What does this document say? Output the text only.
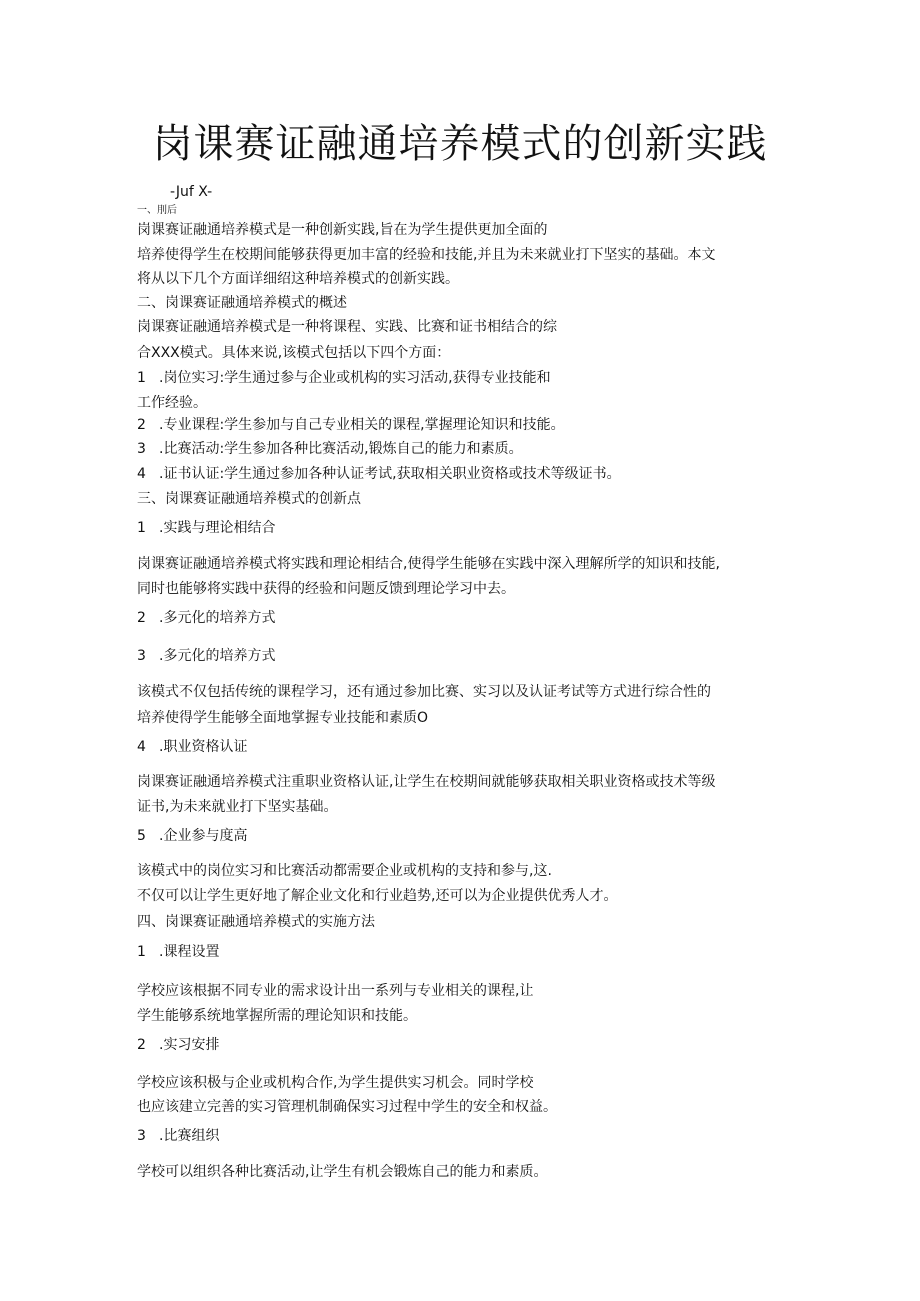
岗课赛证融通培养模式的创新实践
-Juf X-
一、刖后
岗课赛证融通培养模式是一种创新实践,旨在为学生提供更加全面的
培养使得学生在校期间能够获得更加丰富的经验和技能,并且为未来就业打下坚实的基础。本文
将从以下几个方面详细绍这种培养模式的创新实践。
二、岗课赛证融通培养模式的概述
岗课赛证融通培养模式是一种将课程、实践、比赛和证书相结合的综
合XXX模式。具体来说,该模式包括以下四个方面：
1 .岗位实习:学生通过参与企业或机构的实习活动,获得专业技能和
工作经验。
2 .专业课程:学生参加与自己专业相关的课程,掌握理论知识和技能。
3 .比赛活动:学生参加各种比赛活动,锻炼自己的能力和素质。
4 .证书认证:学生通过参加各种认证考试,获取相关职业资格或技术等级证书。
三、岗课赛证融通培养模式的创新点
1 .实践与理论相结合
岗课赛证融通培养模式将实践和理论相结合,使得学生能够在实践中深入理解所学的知识和技能,
同时也能够将实践中获得的经验和问题反馈到理论学习中去。
2 .多元化的培养方式
3 .多元化的培养方式
该模式不仅包括传统的课程学习，还有通过参加比赛、实习以及认证考试等方式进行综合性的
培养使得学生能够全面地掌握专业技能和素质O
4 .职业资格认证
岗课赛证融通培养模式注重职业资格认证,让学生在校期间就能够获取相关职业资格或技术等级
证书,为未来就业打下坚实基础。
5 .企业参与度高
该模式中的岗位实习和比赛活动都需要企业或机构的支持和参与,这.
不仅可以让学生更好地了解企业文化和行业趋势,还可以为企业提供优秀人才。
四、岗课赛证融通培养模式的实施方法
1 .课程设置
学校应该根据不同专业的需求设计出一系列与专业相关的课程,让
学生能够系统地掌握所需的理论知识和技能。
2 .实习安排
学校应该积极与企业或机构合作,为学生提供实习机会。同时学校
也应该建立完善的实习管理机制确保实习过程中学生的安全和权益。
3 .比赛组织
学校可以组织各种比赛活动,让学生有机会锻炼自己的能力和素质。
